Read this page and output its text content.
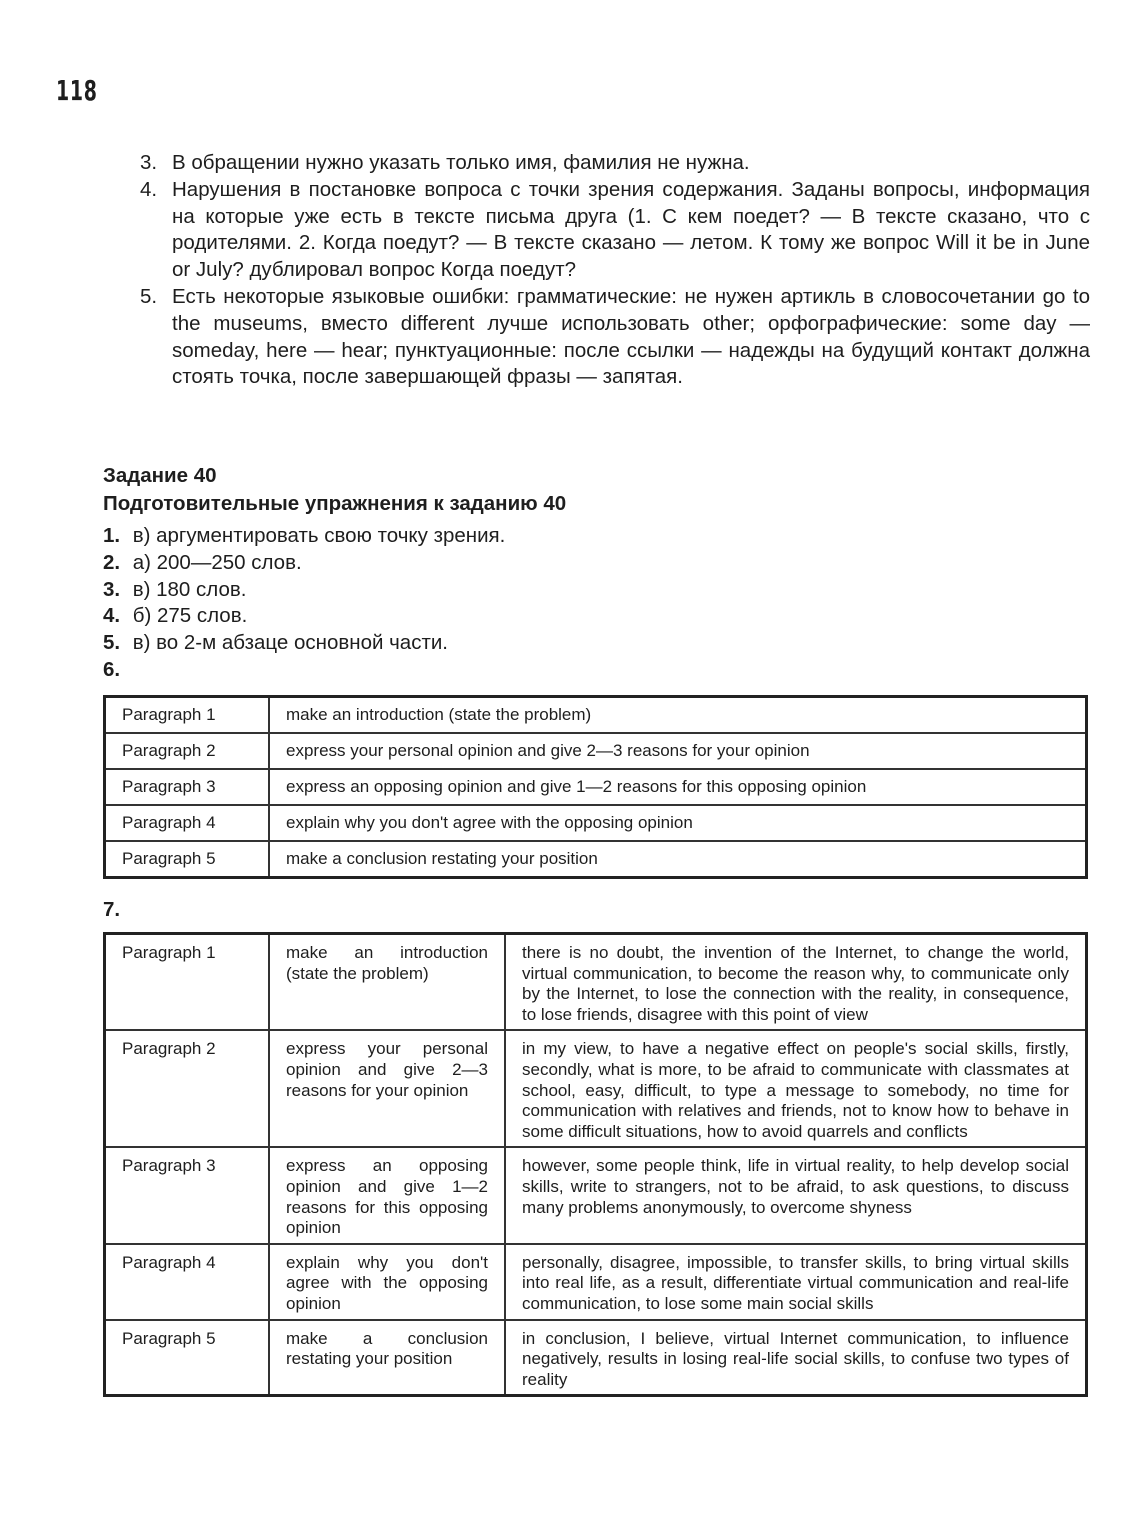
118
3. В обращении нужно указать только имя, фамилия не нужна.
4. Нарушения в постановке вопроса с точки зрения содержания. Заданы вопросы, информация на которые уже есть в тексте письма друга (1. С кем поедет? — В тексте сказано, что с родителями. 2. Когда поедут? — В тексте сказано — летом. К тому же вопрос Will it be in June or July? дублировал вопрос Когда поедут?
5. Есть некоторые языковые ошибки: грамматические: не нужен артикль в словосочетании go to the museums, вместо different лучше использовать other; орфографические: some day — someday, here — hear; пунктуационные: после ссылки — надежды на будущий контакт должна стоять точка, после завершающей фразы — запятая.
Задание 40
Подготовительные упражнения к заданию 40
1. в) аргументировать свою точку зрения.
2. а) 200—250 слов.
3. в) 180 слов.
4. б) 275 слов.
5. в) во 2-м абзаце основной части.
6.
Paragraph 1	make an introduction (state the problem)
Paragraph 2	express your personal opinion and give 2—3 reasons for your opinion
Paragraph 3	express an opposing opinion and give 1—2 reasons for this opposing opinion
Paragraph 4	explain why you don't agree with the opposing opinion
Paragraph 5	make a conclusion restating your position
7.
Paragraph 1	make an introduction (state the problem)	there is no doubt, the invention of the Internet, to change the world, virtual communication, to become the reason why, to communicate only by the Internet, to lose the connection with the reality, in consequence, to lose friends, disagree with this point of view
Paragraph 2	express your personal opinion and give 2—3 reasons for your opinion	in my view, to have a negative effect on people's social skills, firstly, secondly, what is more, to be afraid to communicate with classmates at school, easy, difficult, to type a message to somebody, no time for communication with relatives and friends, not to know how to behave in some difficult situations, how to avoid quarrels and conflicts
Paragraph 3	express an opposing opinion and give 1—2 reasons for this opposing opinion	however, some people think, life in virtual reality, to help develop social skills, write to strangers, not to be afraid, to ask questions, to discuss many problems anonymously, to overcome shyness
Paragraph 4	explain why you don't agree with the opposing opinion	personally, disagree, impossible, to transfer skills, to bring virtual skills into real life, as a result, differentiate virtual communication and real-life communication, to lose some main social skills
Paragraph 5	make a conclusion restating your position	in conclusion, I believe, virtual Internet communication, to influence negatively, results in losing real-life social skills, to confuse two types of reality
